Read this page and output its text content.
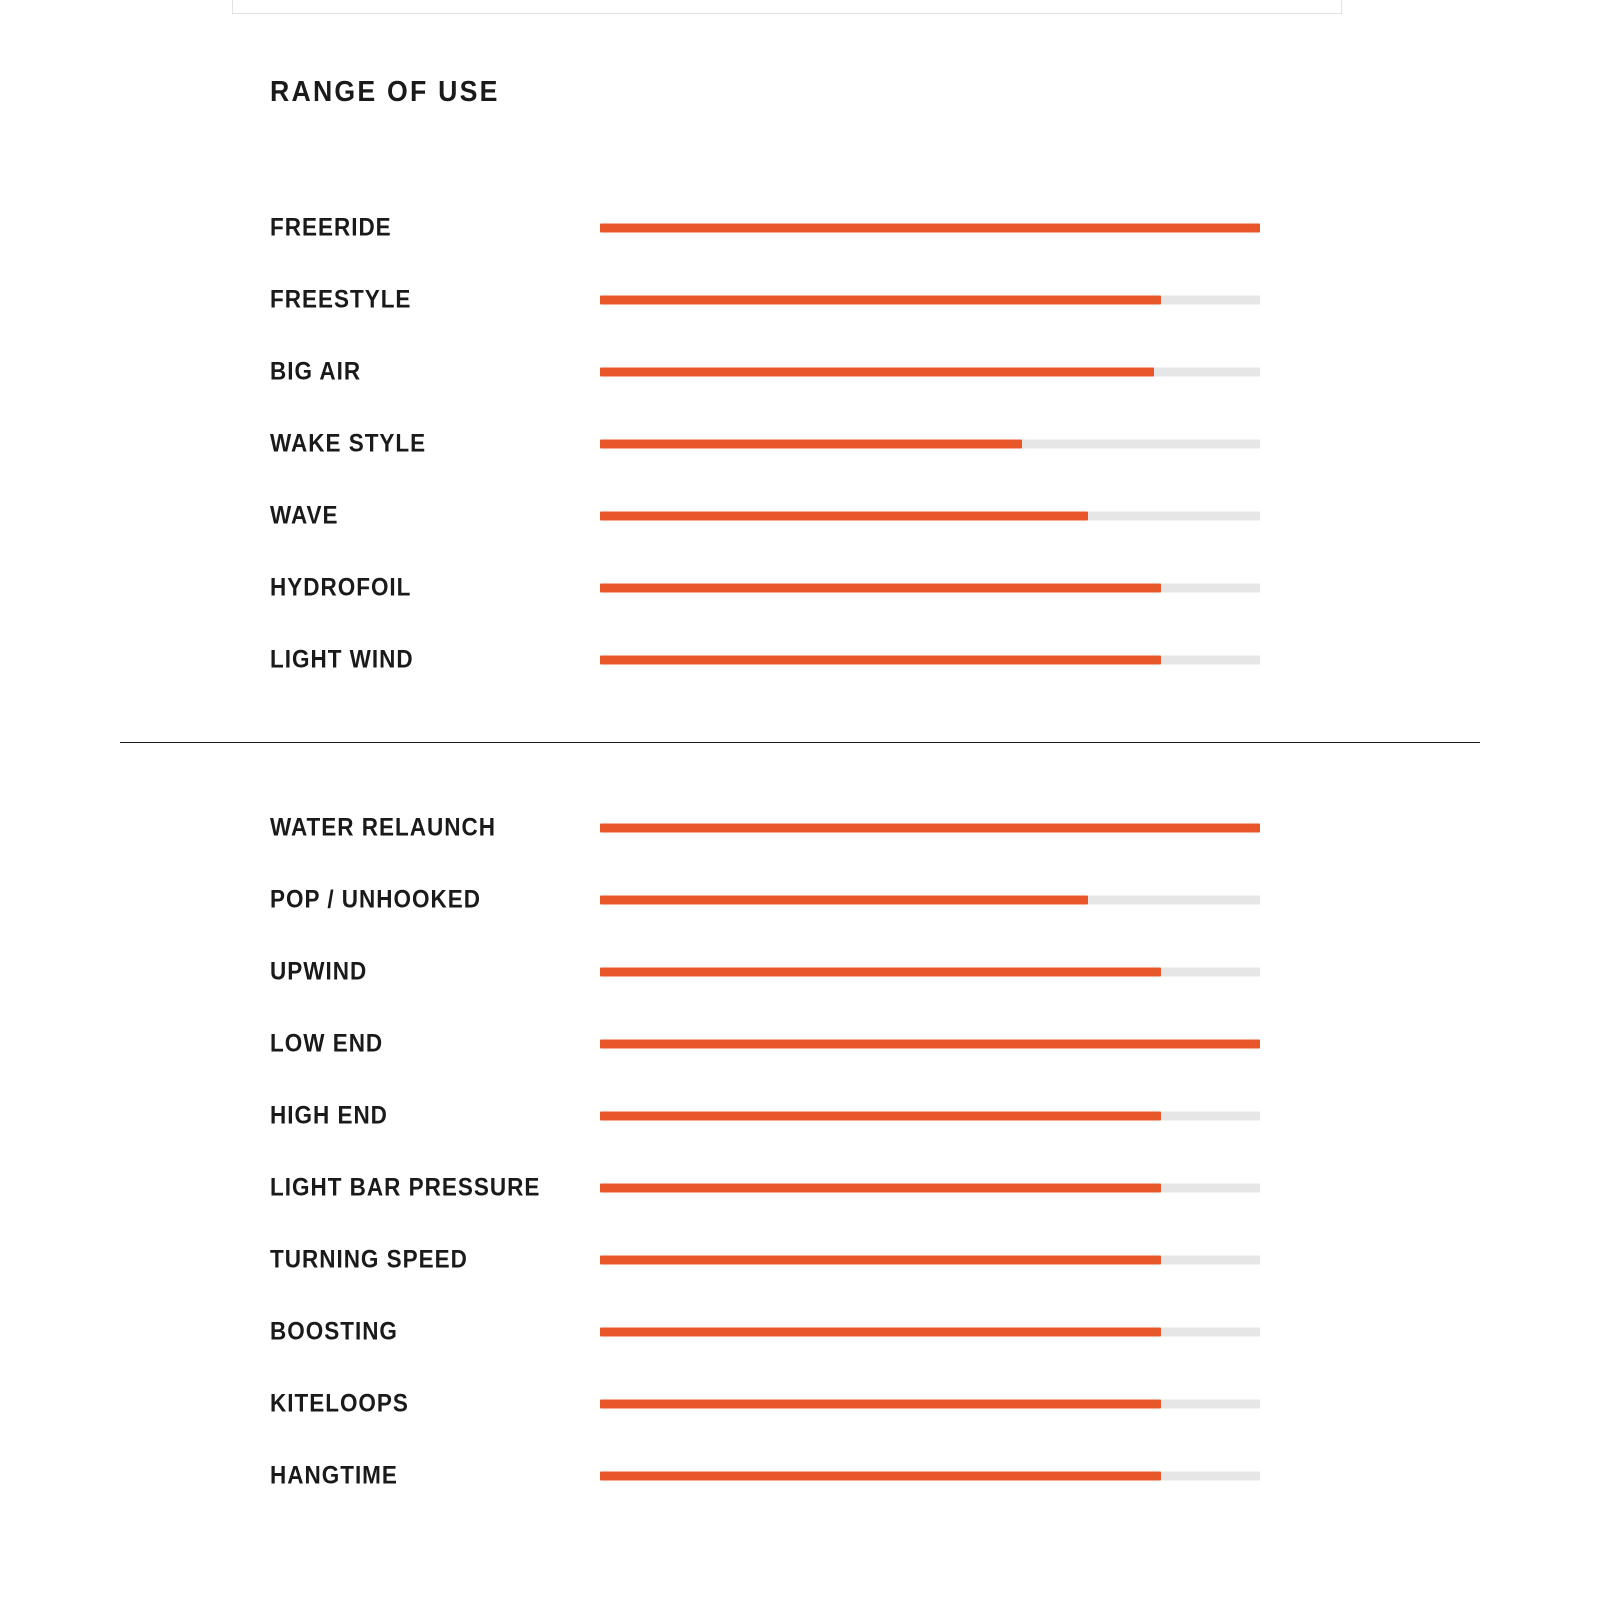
RANGE OF USE
FREERIDE
FREESTYLE
BIG AIR
WAKE STYLE
WAVE
HYDROFOIL
LIGHT WIND
WATER RELAUNCH
POP / UNHOOKED
UPWIND
LOW END
HIGH END
LIGHT BAR PRESSURE
TURNING SPEED
BOOSTING
KITELOOPS
HANGTIME
